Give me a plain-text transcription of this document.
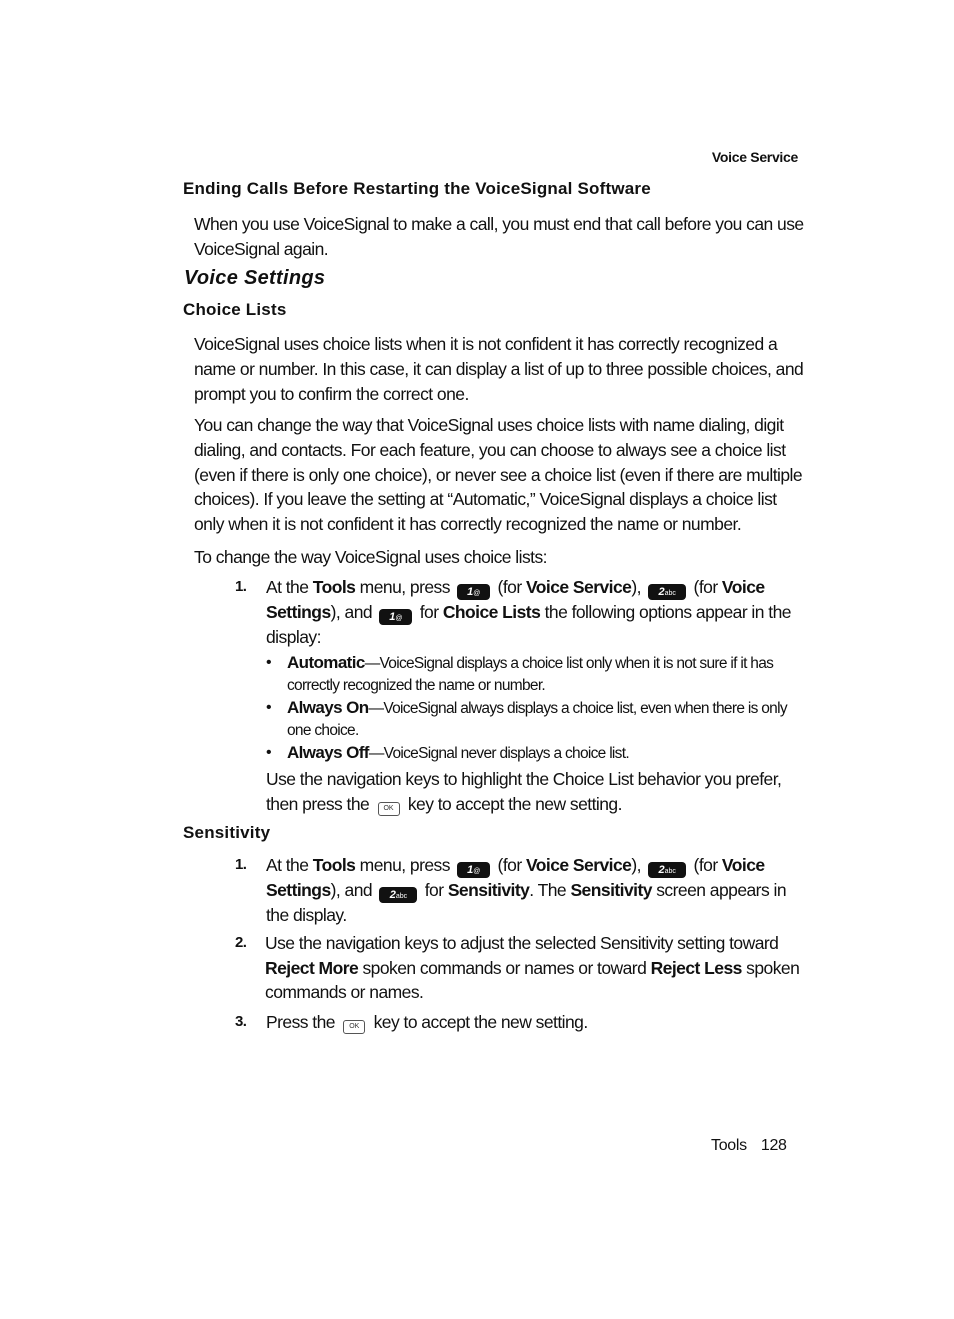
Voice Service
Ending Calls Before Restarting the VoiceSignal Software
When you use VoiceSignal to make a call, you must end that call before you can use VoiceSignal again.
Voice Settings
Choice Lists
VoiceSignal uses choice lists when it is not confident it has correctly recognized a name or number. In this case, it can display a list of up to three possible choices, and prompt you to confirm the correct one.
You can change the way that VoiceSignal uses choice lists with name dialing, digit dialing, and contacts. For each feature, you can choose to always see a choice list (even if there is only one choice), or never see a choice list (even if there are multiple choices). If you leave the setting at “Automatic,” VoiceSignal displays a choice list only when it is not confident it has correctly recognized the name or number.
To change the way VoiceSignal uses choice lists:
1. At the Tools menu, press 1@ (for Voice Service), 2abc (for Voice Settings), and 1@ for Choice Lists the following options appear in the display:
• Automatic—VoiceSignal displays a choice list only when it is not sure if it has correctly recognized the name or number.
• Always On—VoiceSignal always displays a choice list, even when there is only one choice.
• Always Off—VoiceSignal never displays a choice list.
Use the navigation keys to highlight the Choice List behavior you prefer, then press the OK key to accept the new setting.
Sensitivity
1. At the Tools menu, press 1@ (for Voice Service), 2abc (for Voice Settings), and 2abc for Sensitivity. The Sensitivity screen appears in the display.
2. Use the navigation keys to adjust the selected Sensitivity setting toward Reject More spoken commands or names or toward Reject Less spoken commands or names.
3. Press the OK key to accept the new setting.
Tools 128
